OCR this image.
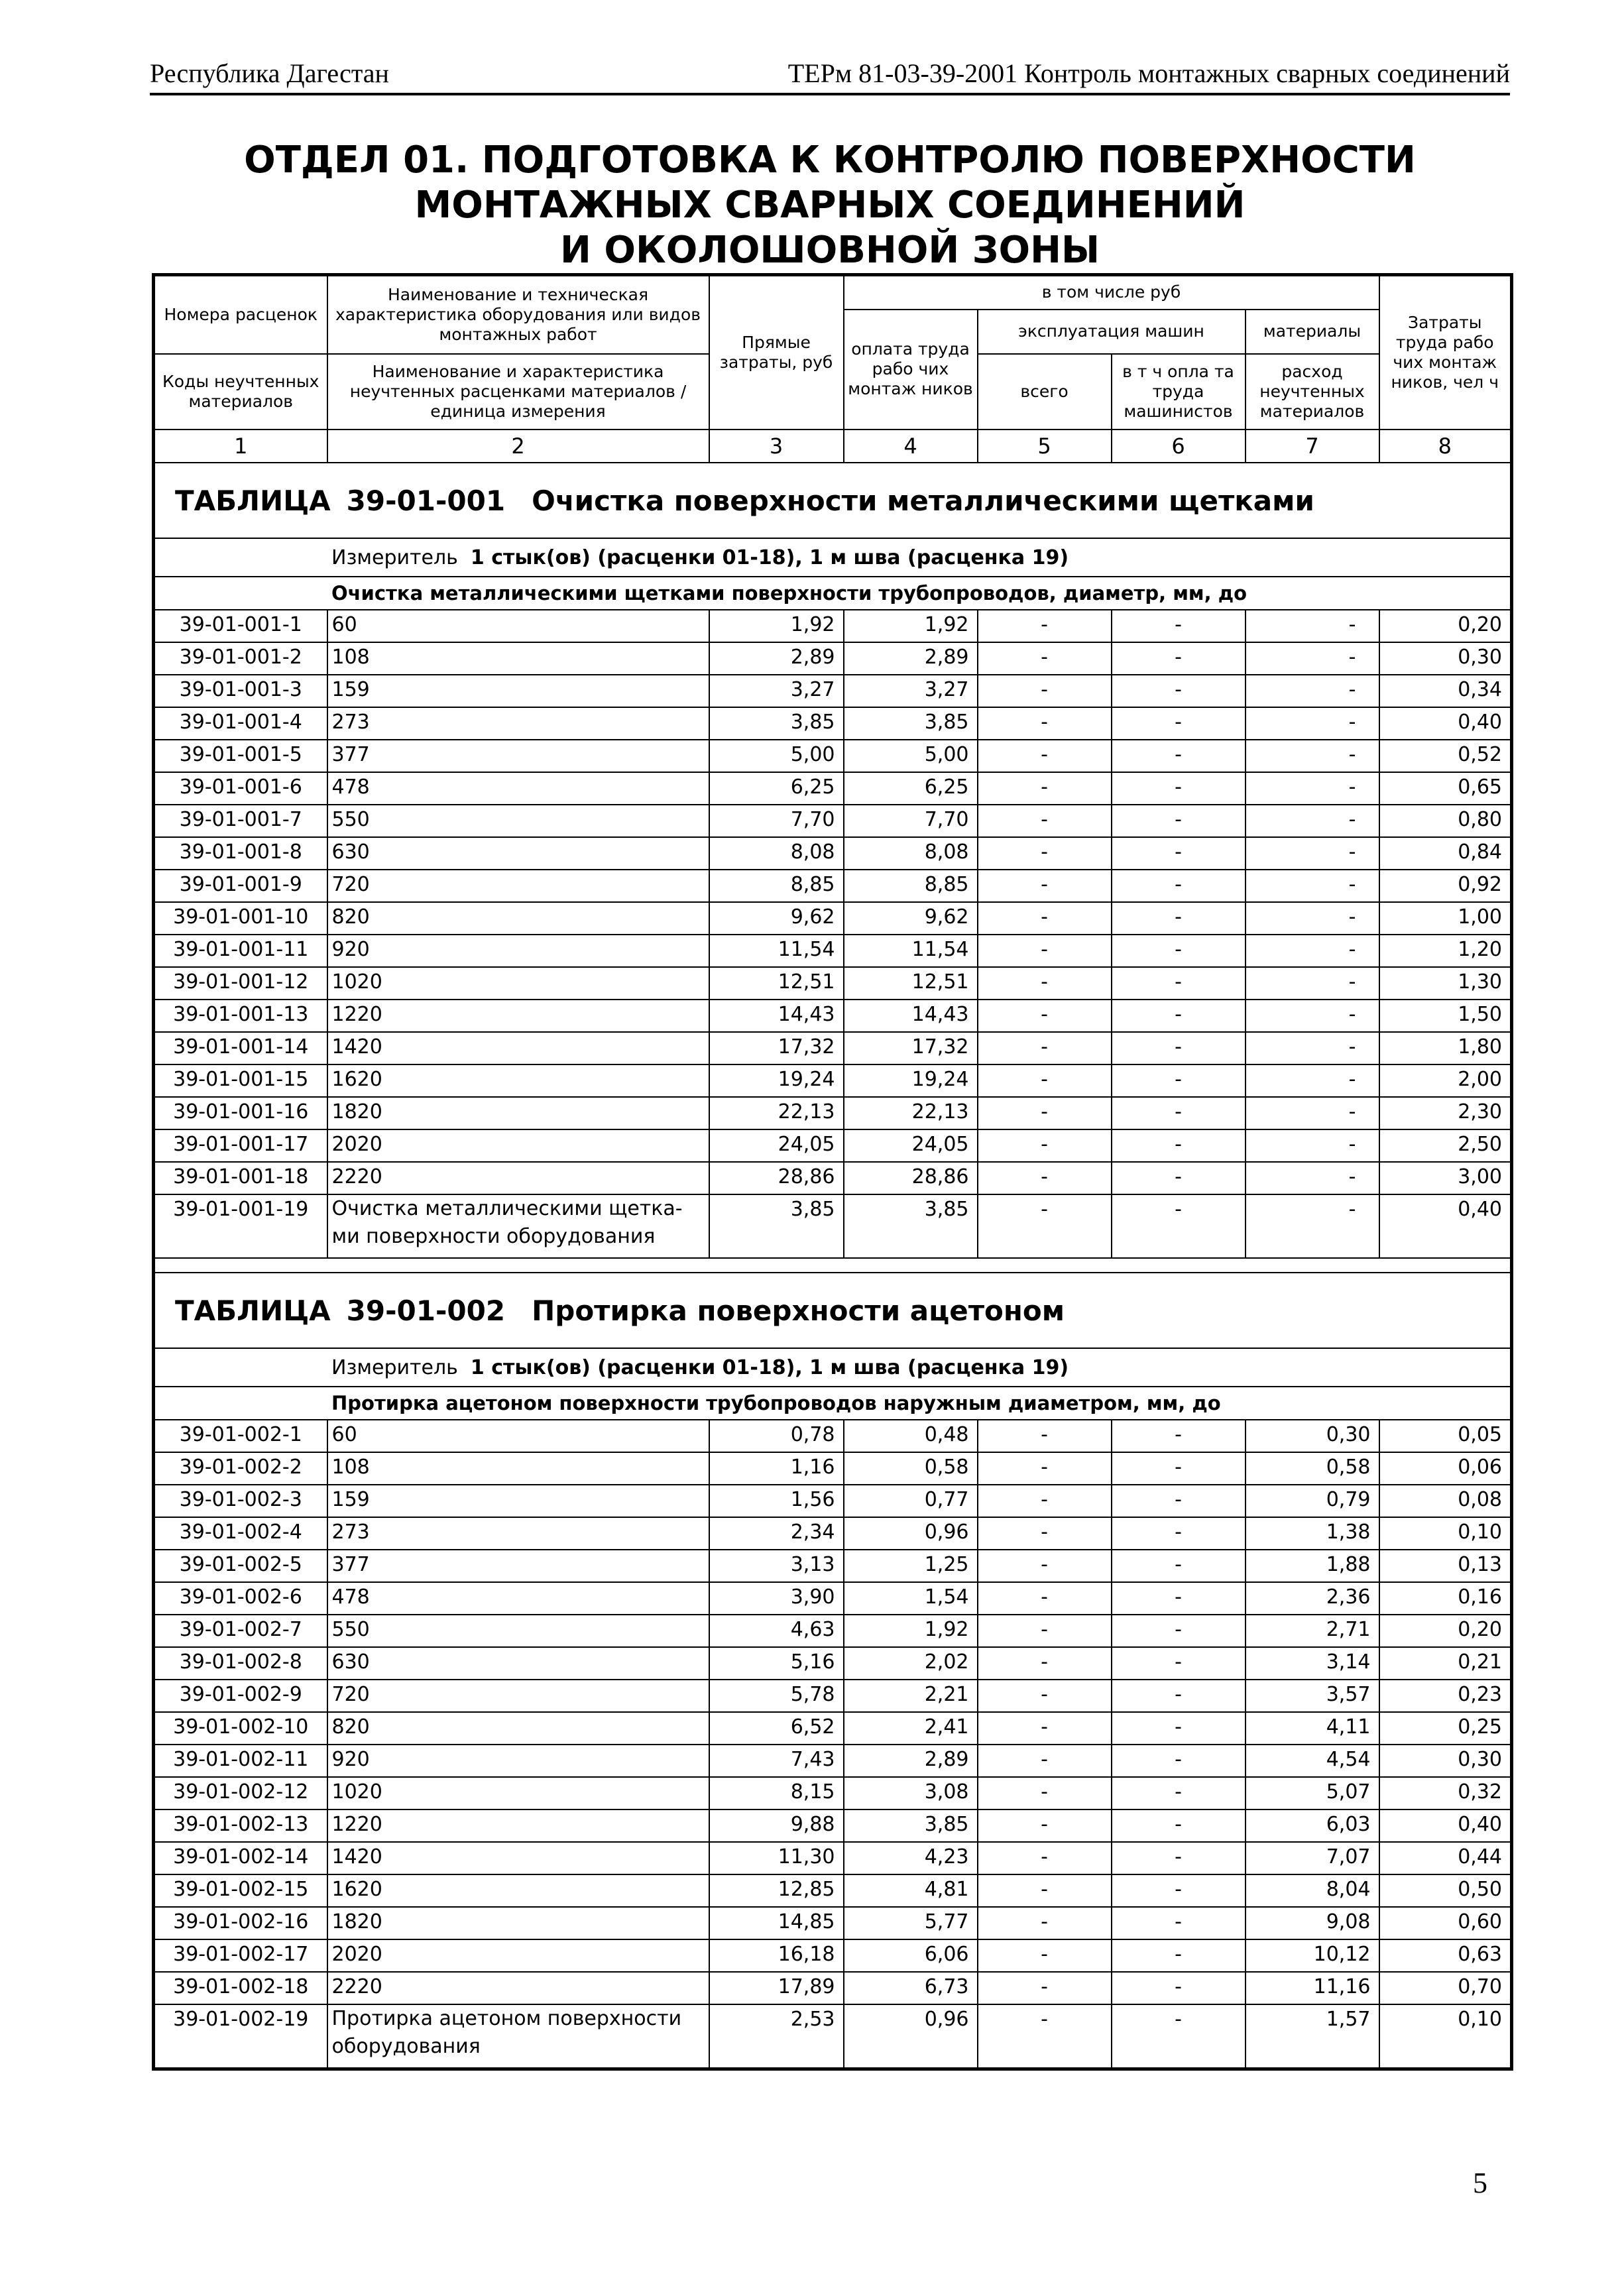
Республика Дагестан	ТЕРм 81-03-39-2001 Контроль монтажных сварных соединений
ОТДЕЛ 01. ПОДГОТОВКА К КОНТРОЛЮ ПОВЕРХНОСТИ
МОНТАЖНЫХ СВАРНЫХ СОЕДИНЕНИЙ
И ОКОЛОШОВНОЙ ЗОНЫ
Номера расценок	Наименование и техническая характеристика оборудования или видов монтажных работ	Прямые затраты, руб	в том числе руб				Затраты труда рабо чих монтаж ников, чел ч
			оплата труда рабо чих монтаж ников	эксплуатация машин		материалы	
Коды неучтенных материалов	Наименование и характеристика неучтенных расценками материалов / единица измерения			всего	в т ч опла та труда машинистов	расход неучтенных материалов	

1	2	3	4	5	6	7	8
ТАБЛИЦА 39-01-001 Очистка поверхности металлическими щетками							
Измеритель 1 стык(ов) (расценки 01-18), 1 м шва (расценка 19)							
Очистка металлическими щетками поверхности трубопроводов, диаметр, мм, до							
39-01-001-1	60	1,92	1,92	-	-	-	0,20
39-01-001-2	108	2,89	2,89	-	-	-	0,30
39-01-001-3	159	3,27	3,27	-	-	-	0,34
39-01-001-4	273	3,85	3,85	-	-	-	0,40
39-01-001-5	377	5,00	5,00	-	-	-	0,52
39-01-001-6	478	6,25	6,25	-	-	-	0,65
39-01-001-7	550	7,70	7,70	-	-	-	0,80
39-01-001-8	630	8,08	8,08	-	-	-	0,84
39-01-001-9	720	8,85	8,85	-	-	-	0,92
39-01-001-10	820	9,62	9,62	-	-	-	1,00
39-01-001-11	920	11,54	11,54	-	-	-	1,20
39-01-001-12	1020	12,51	12,51	-	-	-	1,30
39-01-001-13	1220	14,43	14,43	-	-	-	1,50
39-01-001-14	1420	17,32	17,32	-	-	-	1,80
39-01-001-15	1620	19,24	19,24	-	-	-	2,00
39-01-001-16	1820	22,13	22,13	-	-	-	2,30
39-01-001-17	2020	24,05	24,05	-	-	-	2,50
39-01-001-18	2220	28,86	28,86	-	-	-	3,00
39-01-001-19	Очистка металлическими щетка-ми поверхности оборудования	3,85	3,85	-	-	-	0,40

ТАБЛИЦА 39-01-002 Протирка поверхности ацетоном							
Измеритель 1 стык(ов) (расценки 01-18), 1 м шва (расценка 19)							
Протирка ацетоном поверхности трубопроводов наружным диаметром, мм, до							
39-01-002-1	60	0,78	0,48	-	-	0,30	0,05
39-01-002-2	108	1,16	0,58	-	-	0,58	0,06
39-01-002-3	159	1,56	0,77	-	-	0,79	0,08
39-01-002-4	273	2,34	0,96	-	-	1,38	0,10
39-01-002-5	377	3,13	1,25	-	-	1,88	0,13
39-01-002-6	478	3,90	1,54	-	-	2,36	0,16
39-01-002-7	550	4,63	1,92	-	-	2,71	0,20
39-01-002-8	630	5,16	2,02	-	-	3,14	0,21
39-01-002-9	720	5,78	2,21	-	-	3,57	0,23
39-01-002-10	820	6,52	2,41	-	-	4,11	0,25
39-01-002-11	920	7,43	2,89	-	-	4,54	0,30
39-01-002-12	1020	8,15	3,08	-	-	5,07	0,32
39-01-002-13	1220	9,88	3,85	-	-	6,03	0,40
39-01-002-14	1420	11,30	4,23	-	-	7,07	0,44
39-01-002-15	1620	12,85	4,81	-	-	8,04	0,50
39-01-002-16	1820	14,85	5,77	-	-	9,08	0,60
39-01-002-17	2020	16,18	6,06	-	-	10,12	0,63
39-01-002-18	2220	17,89	6,73	-	-	11,16	0,70
39-01-002-19	Протирка ацетоном поверхности оборудования	2,53	0,96	-	-	1,57	0,10
5
